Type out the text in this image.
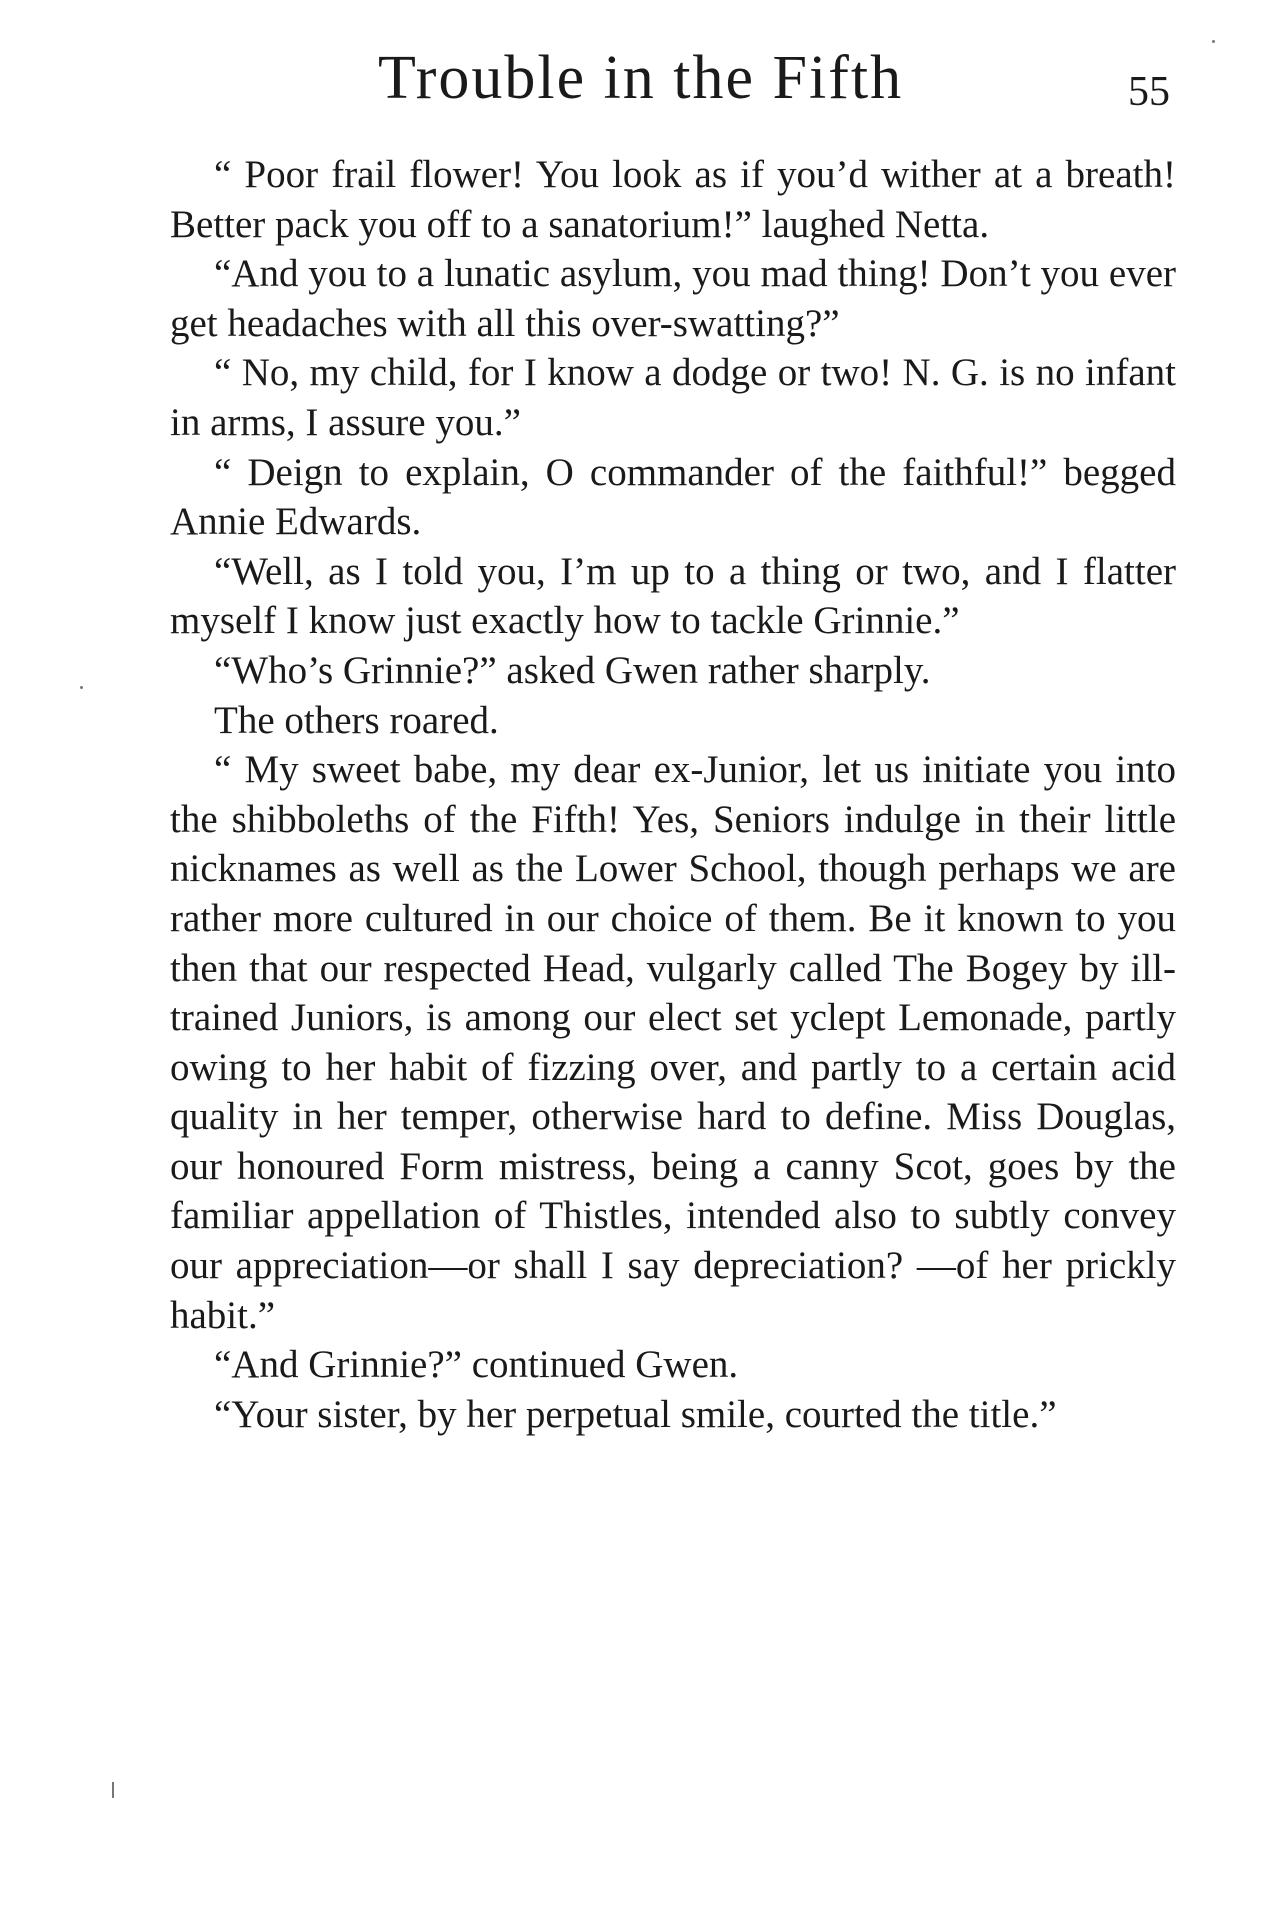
Trouble in the Fifth	55

“ Poor frail flower! You look as if you’d wither at a breath! Better pack you off to a sanatorium!” laughed Netta.

“And you to a lunatic asylum, you mad thing! Don’t you ever get headaches with all this over-swatting?”

“ No, my child, for I know a dodge or two! N. G. is no infant in arms, I assure you.”

“ Deign to explain, O commander of the faithful!” begged Annie Edwards.

“Well, as I told you, I’m up to a thing or two, and I flatter myself I know just exactly how to tackle Grinnie.”

“Who’s Grinnie?” asked Gwen rather sharply.

The others roared.

“ My sweet babe, my dear ex-Junior, let us initiate you into the shibboleths of the Fifth! Yes, Seniors indulge in their little nicknames as well as the Lower School, though perhaps we are rather more cultured in our choice of them. Be it known to you then that our respected Head, vulgarly called The Bogey by ill-trained Juniors, is among our elect set yclept Lemonade, partly owing to her habit of fizzing over, and partly to a certain acid quality in her temper, otherwise hard to define. Miss Douglas, our honoured Form mistress, being a canny Scot, goes by the familiar appellation of Thistles, intended also to subtly convey our appreciation—or shall I say depreciation? —of her prickly habit.”

“And Grinnie?” continued Gwen.

“Your sister, by her perpetual smile, courted the title.”
